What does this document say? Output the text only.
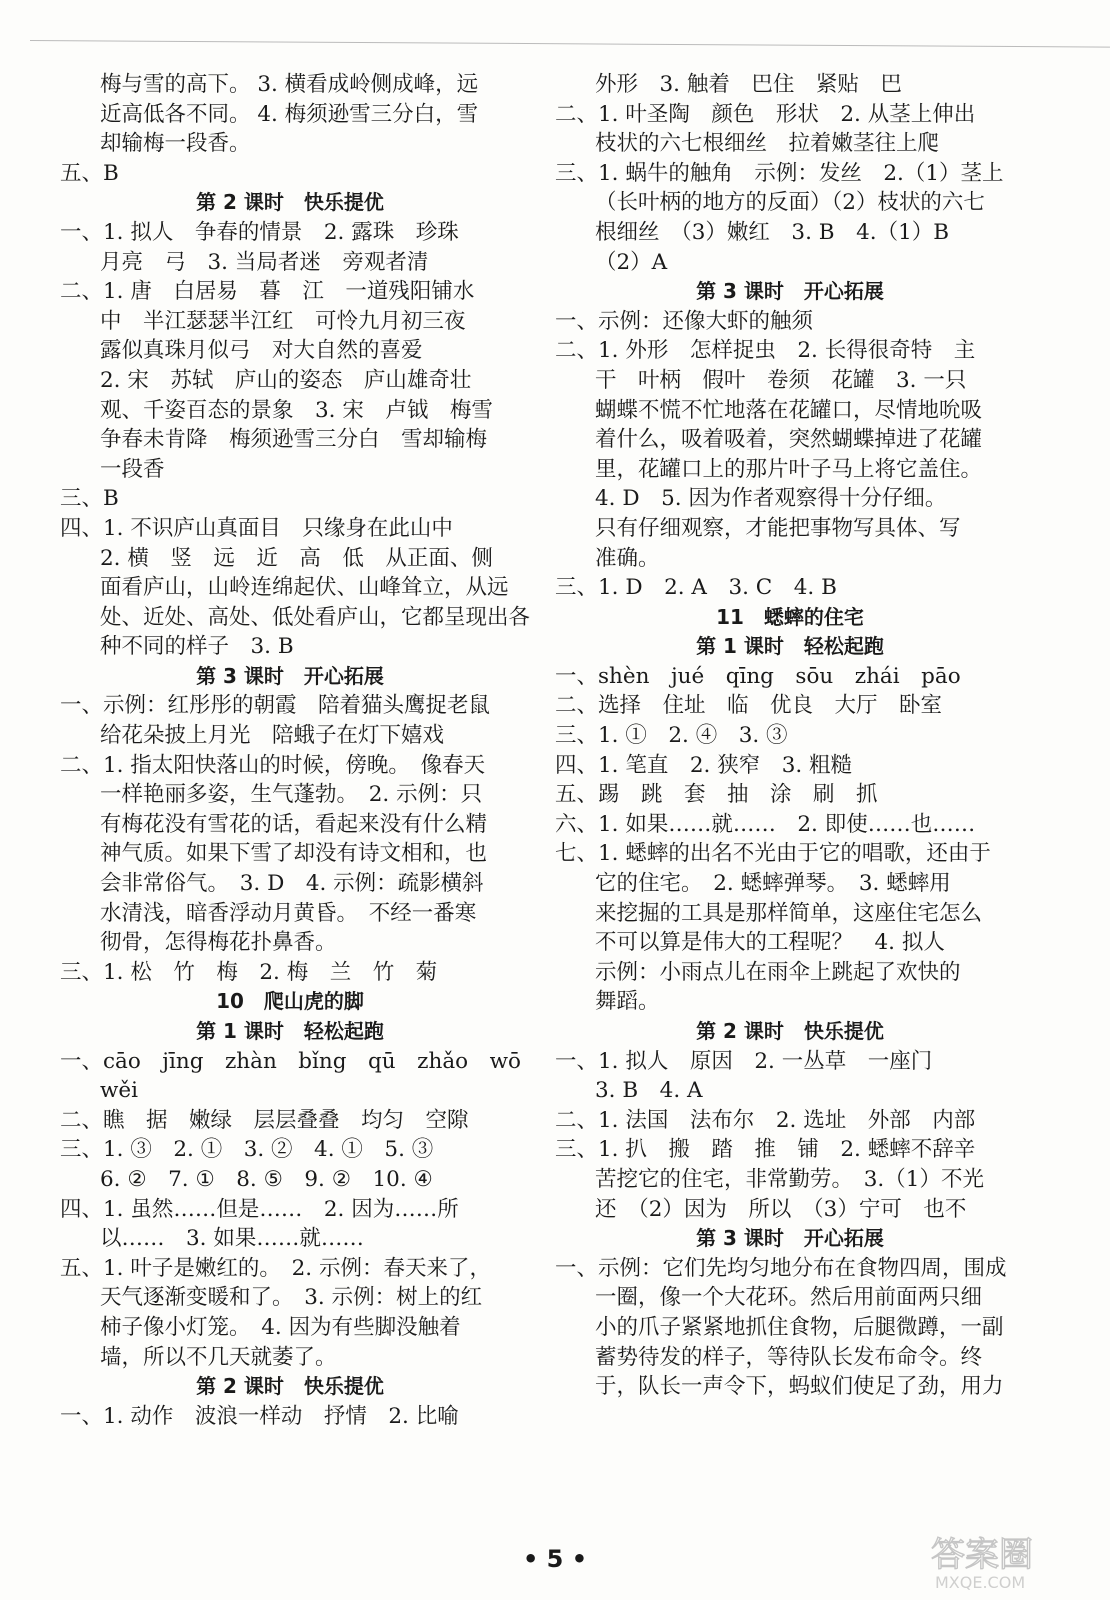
梅与雪的高下。 3. 横看成岭侧成峰，远
近高低各不同。 4. 梅须逊雪三分白，雪
却输梅一段香。
五、B
第 2 课时　快乐提优
一、1. 拟人　争春的情景　2. 露珠　珍珠
月亮　弓　3. 当局者迷　旁观者清
二、1. 唐　白居易　暮　江　一道残阳铺水
中　半江瑟瑟半江红　可怜九月初三夜
露似真珠月似弓　对大自然的喜爱
2. 宋　苏轼　庐山的姿态　庐山雄奇壮
观、千姿百态的景象　3. 宋　卢钺　梅雪
争春未肯降　梅须逊雪三分白　雪却输梅
一段香
三、B
四、1. 不识庐山真面目　只缘身在此山中
2. 横　竖　远　近　高　低　从正面、侧
面看庐山，山岭连绵起伏、山峰耸立，从远
处、近处、高处、低处看庐山，它都呈现出各
种不同的样子　3. B
第 3 课时　开心拓展
一、示例：红彤彤的朝霞　陪着猫头鹰捉老鼠
给花朵披上月光　陪蛾子在灯下嬉戏
二、1. 指太阳快落山的时候，傍晚。　像春天
一样艳丽多姿，生气蓬勃。　2. 示例：只
有梅花没有雪花的话，看起来没有什么精
神气质。如果下雪了却没有诗文相和，也
会非常俗气。　3. D　4. 示例：疏影横斜
水清浅，暗香浮动月黄昏。　不经一番寒
彻骨，怎得梅花扑鼻香。
三、1. 松　竹　梅　2. 梅　兰　竹　菊
10　爬山虎的脚
第 1 课时　轻松起跑
一、cāo　jīng　zhàn　bǐng　qū　zhǎo　wō
wěi
二、瞧　据　嫩绿　层层叠叠　均匀　空隙
三、1. ③　2. ①　3. ②　4. ①　5. ③
6. ②　7. ①　8. ⑤　9. ②　10. ④
四、1. 虽然……但是……　2. 因为……所
以……　3. 如果……就……
五、1. 叶子是嫩红的。　2. 示例：春天来了，
天气逐渐变暖和了。　3. 示例：树上的红
柿子像小灯笼。　4. 因为有些脚没触着
墙，所以不几天就萎了。
第 2 课时　快乐提优
一、1. 动作　波浪一样动　抒情　2. 比喻
外形　3. 触着　巴住　紧贴　巴
二、1. 叶圣陶　颜色　形状　2. 从茎上伸出
枝状的六七根细丝　拉着嫩茎往上爬
三、1. 蜗牛的触角　示例：发丝　2.（1）茎上
（长叶柄的地方的反面）（2）枝状的六七
根细丝　（3）嫩红　3. B　4.（1）B
（2）A
第 3 课时　开心拓展
一、示例：还像大虾的触须
二、1. 外形　怎样捉虫　2. 长得很奇特　主
干　叶柄　假叶　卷须　花罐　3. 一只
蝴蝶不慌不忙地落在花罐口，尽情地吮吸
着什么，吸着吸着，突然蝴蝶掉进了花罐
里，花罐口上的那片叶子马上将它盖住。
4. D　5. 因为作者观察得十分仔细。
只有仔细观察，才能把事物写具体、写
准确。
三、1. D　2. A　3. C　4. B
11　蟋蟀的住宅
第 1 课时　轻松起跑
一、shèn　jué　qīng　sōu　zhái　pāo
二、选择　住址　临　优良　大厅　卧室
三、1. ①　2. ④　3. ③
四、1. 笔直　2. 狭窄　3. 粗糙
五、踢　跳　套　抽　涂　刷　抓
六、1. 如果……就……　2. 即使……也……
七、1. 蟋蟀的出名不光由于它的唱歌，还由于
它的住宅。　2. 蟋蟀弹琴。　3. 蟋蟀用
来挖掘的工具是那样简单，这座住宅怎么
不可以算是伟大的工程呢？　4. 拟人
示例：小雨点儿在雨伞上跳起了欢快的
舞蹈。
第 2 课时　快乐提优
一、1. 拟人　原因　2. 一丛草　一座门
3. B　4. A
二、1. 法国　法布尔　2. 选址　外部　内部
三、1. 扒　搬　踏　推　铺　2. 蟋蟀不辞辛
苦挖它的住宅，非常勤劳。　3.（1）不光
还　（2）因为　所以　（3）宁可　也不
第 3 课时　开心拓展
一、示例：它们先均匀地分布在食物四周，围成
一圈，像一个大花环。然后用前面两只细
小的爪子紧紧地抓住食物，后腿微蹲，一副
蓄势待发的样子，等待队长发布命令。终
于，队长一声令下，蚂蚁们使足了劲，用力
• 5 •	答案圈
MXQE.COM
